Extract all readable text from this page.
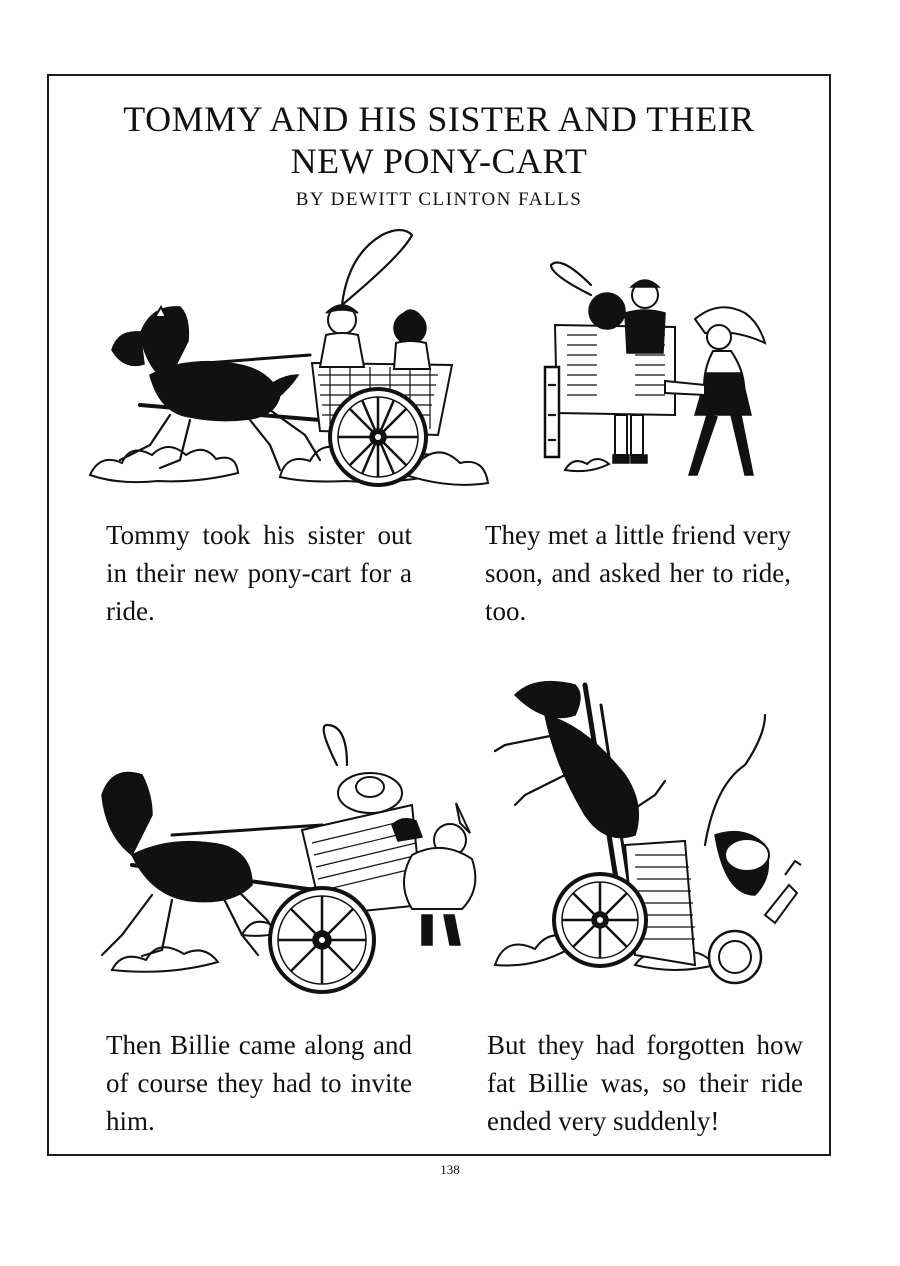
TOMMY AND HIS SISTER AND THEIR
NEW PONY-CART
BY DEWITT CLINTON FALLS
Tommy took his sister out in their new pony-cart for a ride.
They met a little friend very soon, and asked her to ride, too.
Then Billie came along and of course they had to invite him.
But they had forgotten how fat Billie was, so their ride ended very suddenly!
138
